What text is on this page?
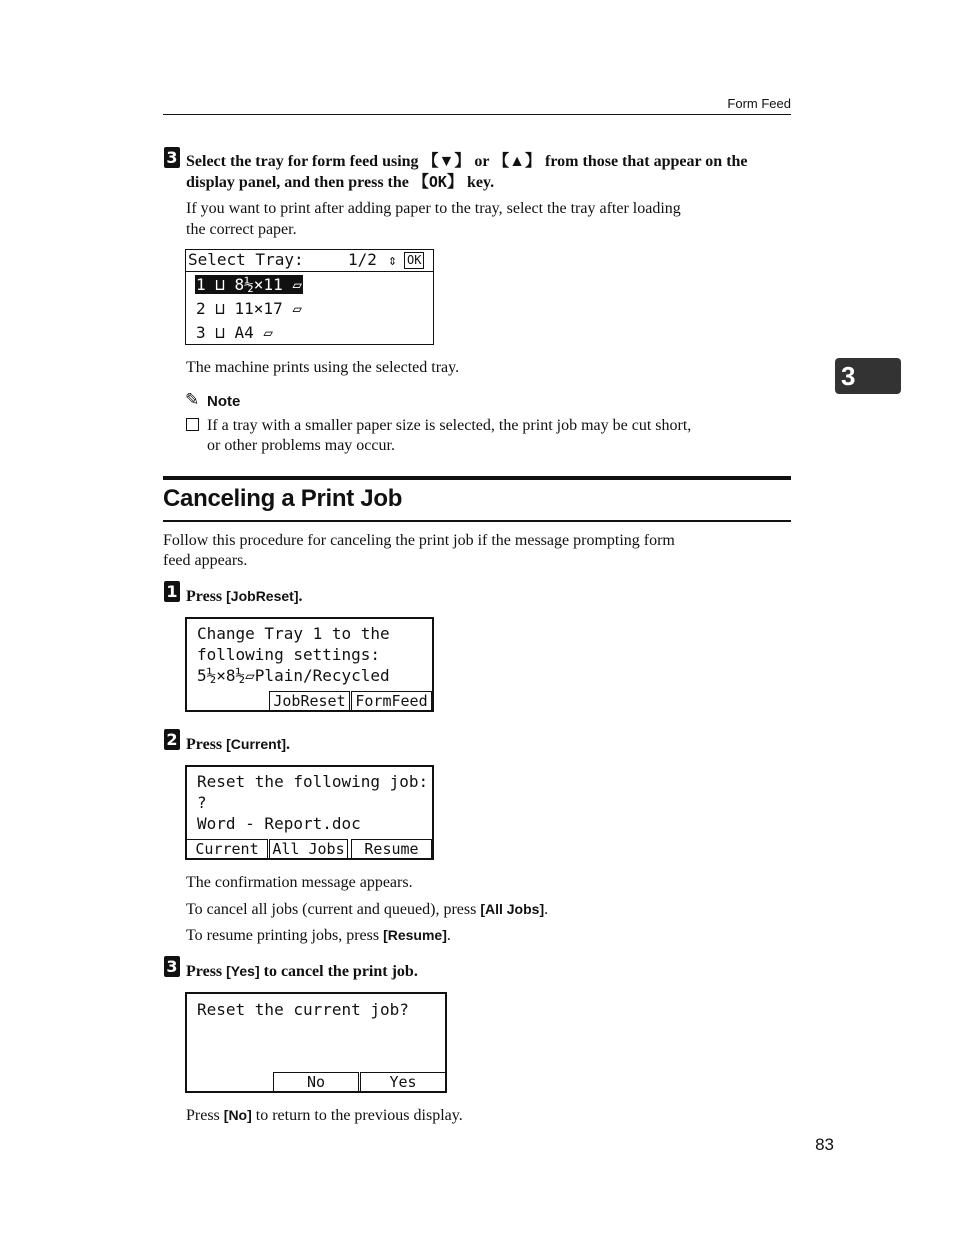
Form Feed
3
3 Select the tray for form feed using 【▼】 or 【▲】 from those that appear on the
display panel, and then press the 【OK】 key.
If you want to print after adding paper to the tray, select the tray after loading
the correct paper.
Select Tray:	1/2 ⇕ OK
1 ⊔ 8½×11 ▱
2 ⊔ 11×17 ▱
3 ⊔ A4 ▱
The machine prints using the selected tray.
✎ Note
If a tray with a smaller paper size is selected, the print job may be cut short,
or other problems may occur.
Canceling a Print Job
Follow this procedure for canceling the print job if the message prompting form
feed appears.
1 Press [JobReset].
Change Tray 1 to the
following settings:
5½×8½▱Plain/Recycled
JobReset FormFeed
2 Press [Current].
Reset the following job:
?
Word - Report.doc
Current All Jobs	Resume
The confirmation message appears.
To cancel all jobs (current and queued), press [All Jobs].
To resume printing jobs, press [Resume].
3 Press [Yes] to cancel the print job.
Reset the current job?
No	Yes
Press [No] to return to the previous display.
83
